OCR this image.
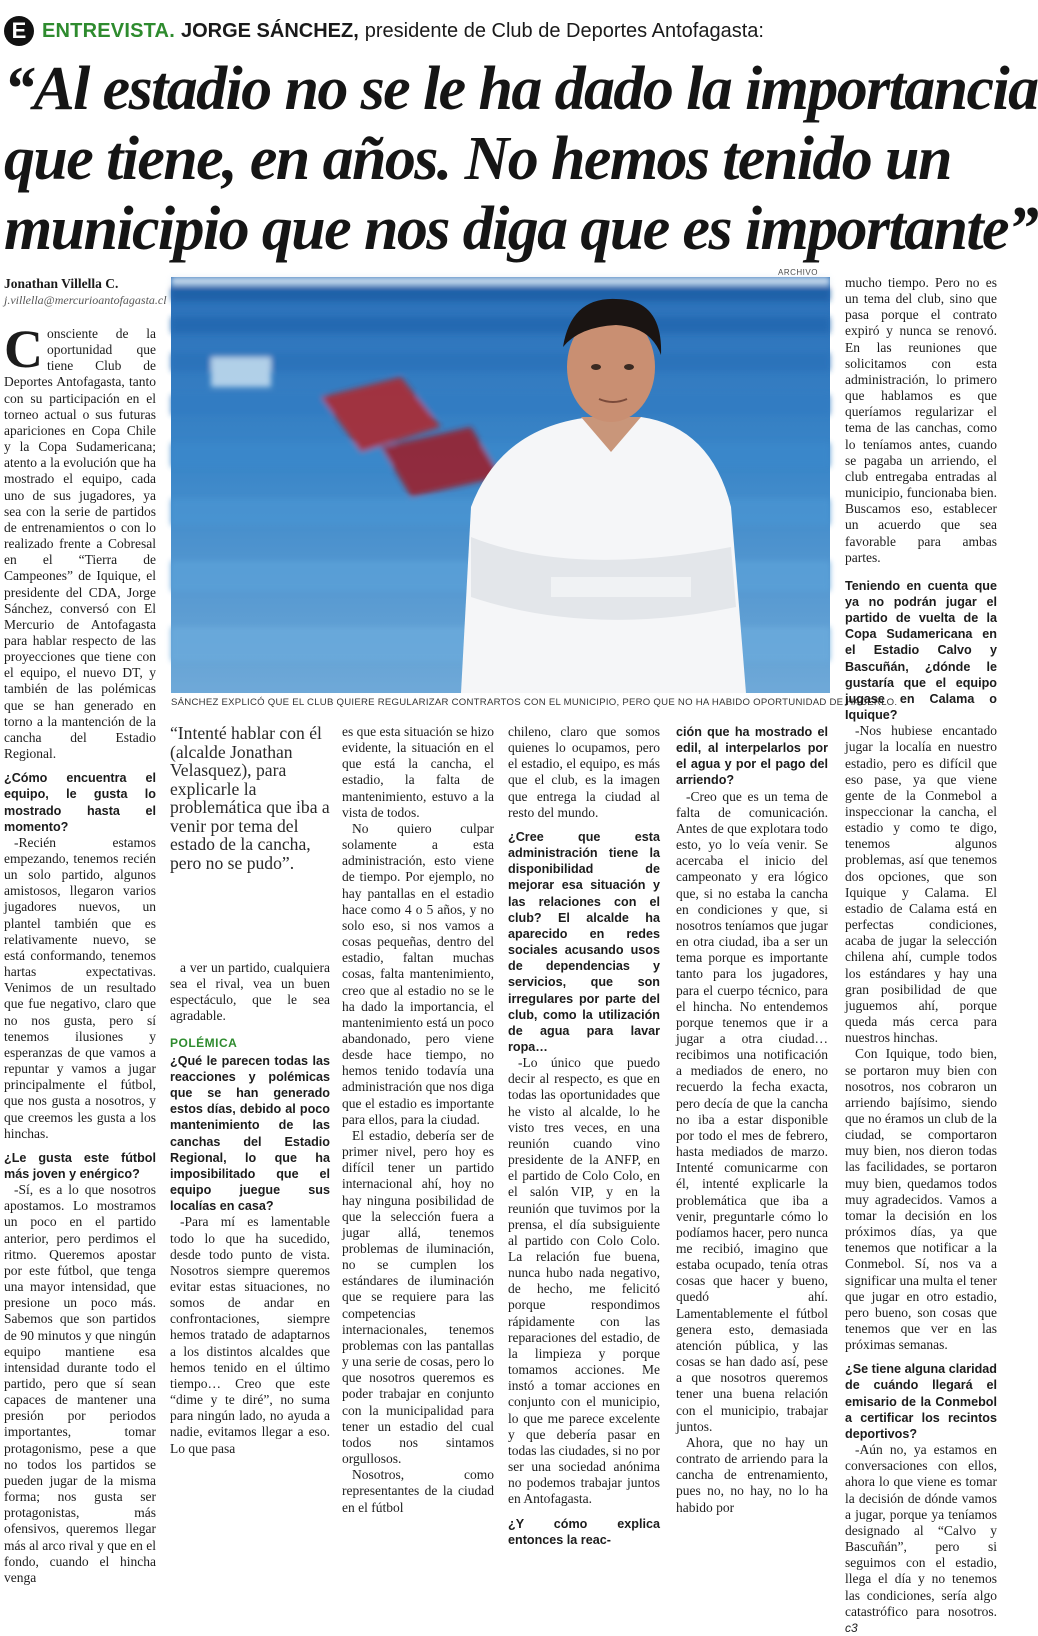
E ENTREVISTA. JORGE SÁNCHEZ, presidente de Club de Deportes Antofagasta:
“Al estadio no se le ha dado la importancia
que tiene, en años. No hemos tenido un
municipio que nos diga que es importante”
Jonathan Villella C.
j.villella@mercurioantofagasta.cl

Consciente de la oportunidad que tiene Club de Deportes Antofagasta, tanto con su participación en el torneo actual o sus futuras apariciones en Copa Chile y la Copa Sudamericana; atento a la evolución que ha mostrado el equipo, cada uno de sus jugadores, ya sea con la serie de partidos de entrenamientos o con lo realizado frente a Cobresal en el “Tierra de Campeones” de Iquique, el presidente del CDA, Jorge Sánchez, conversó con El Mercurio de Antofagasta para hablar respecto de las proyecciones que tiene con el equipo, el nuevo DT, y también de las polémicas que se han generado en torno a la mantención de la cancha del Estadio Regional.

¿Cómo encuentra el equipo, le gusta lo mostrado hasta el momento?

-Recién estamos empezando, tenemos recién un solo partido, algunos amistosos, llegaron varios jugadores nuevos, un plantel también que es relativamente nuevo, se está conformando, tenemos hartas expectativas. Venimos de un resultado que fue negativo, claro que no nos gusta, pero sí tenemos ilusiones y esperanzas de que vamos a repuntar y vamos a jugar principalmente el fútbol, que nos gusta a nosotros, y que creemos les gusta a los hinchas.

¿Le gusta este fútbol más joven y enérgico?

-Sí, es a lo que nosotros apostamos. Lo mostramos un poco en el partido anterior, pero perdimos el ritmo. Queremos apostar por este fútbol, que tenga una mayor intensidad, que presione un poco más. Sabemos que son partidos de 90 minutos y que ningún equipo mantiene esa intensidad durante todo el partido, pero que sí sean capaces de mantener una presión por periodos importantes, tomar protagonismo, pese a que no todos los partidos se pueden jugar de la misma forma; nos gusta ser protagonistas, más ofensivos, queremos llegar más al arco rival y que en el fondo, cuando el hincha venga

ARCHIVO
SÁNCHEZ EXPLICÓ QUE EL CLUB QUIERE REGULARIZAR CONTRARTOS CON EL MUNICIPIO, PERO QUE NO HA HABIDO OPORTUNIDAD DE HACERLO.
“Intenté hablar con él (alcalde Jonathan Velasquez), para explicarle la problemática que iba a venir por tema del estado de la cancha, pero no se pudo”.

a ver un partido, cualquiera sea el rival, vea un buen espectáculo, que le sea agradable.

POLÉMICA

¿Qué le parecen todas las reacciones y polémicas que se han generado estos días, debido al poco mantenimiento de las canchas del Estadio Regional, lo que ha imposibilitado que el equipo juegue sus localías en casa?

-Para mí es lamentable todo lo que ha sucedido, desde todo punto de vista. Nosotros siempre queremos evitar estas situaciones, no somos de andar en confrontaciones, siempre hemos tratado de adaptarnos a los distintos alcaldes que hemos tenido en el último tiempo… Creo que este “dime y te diré”, no suma para ningún lado, no ayuda a nadie, evitamos llegar a eso. Lo que pasa

es que esta situación se hizo evidente, la situación en el que está la cancha, el estadio, la falta de mantenimiento, estuvo a la vista de todos.

No quiero culpar solamente a esta administración, esto viene de tiempo. Por ejemplo, no hay pantallas en el estadio hace como 4 o 5 años, y no solo eso, si nos vamos a cosas pequeñas, dentro del estadio, faltan muchas cosas, falta mantenimiento, creo que al estadio no se le ha dado la importancia, el mantenimiento está un poco abandonado, pero viene desde hace tiempo, no hemos tenido todavía una administración que nos diga que el estadio es importante para ellos, para la ciudad.

El estadio, debería ser de primer nivel, pero hoy es difícil tener un partido internacional ahí, hoy no hay ninguna posibilidad de que la selección fuera a jugar allá, tenemos problemas de iluminación, no se cumplen los estándares de iluminación que se requiere para las competencias internacionales, tenemos problemas con las pantallas y una serie de cosas, pero lo que nosotros queremos es poder trabajar en conjunto con la municipalidad para tener un estadio del cual todos nos sintamos orgullosos.

Nosotros, como representantes de la ciudad en el fútbol

chileno, claro que somos quienes lo ocupamos, pero el estadio, el equipo, es más que el club, es la imagen que entrega la ciudad al resto del mundo.

¿Cree que esta administración tiene la disponibilidad de mejorar esa situación y las relaciones con el club? El alcalde ha aparecido en redes sociales acusando usos de dependencias y servicios, que son irregulares por parte del club, como la utilización de agua para lavar ropa…

-Lo único que puedo decir al respecto, es que en todas las oportunidades que he visto al alcalde, lo he visto tres veces, en una reunión cuando vino presidente de la ANFP, en el partido de Colo Colo, en el salón VIP, y en la reunión que tuvimos por la prensa, el día subsiguiente al partido con Colo Colo. La relación fue buena, nunca hubo nada negativo, de hecho, me felicitó porque respondimos rápidamente con las reparaciones del estadio, de la limpieza y porque tomamos acciones. Me instó a tomar acciones en conjunto con el municipio, lo que me parece excelente y que debería pasar en todas las ciudades, si no por ser una sociedad anónima no podemos trabajar juntos en Antofagasta.

¿Y cómo explica entonces la reac-

ción que ha mostrado el edil, al interpelarlos por el agua y por el pago del arriendo?

-Creo que es un tema de falta de comunicación. Antes de que explotara todo esto, yo lo veía venir. Se acercaba el inicio del campeonato y era lógico que, si no estaba la cancha en condiciones y que, si nosotros teníamos que jugar en otra ciudad, iba a ser un tema porque es importante tanto para los jugadores, para el cuerpo técnico, para el hincha. No entendemos porque tenemos que ir a jugar a otra ciudad… recibimos una notificación a mediados de enero, no recuerdo la fecha exacta, pero decía de que la cancha no iba a estar disponible por todo el mes de febrero, hasta mediados de marzo. Intenté comunicarme con él, intenté explicarle la problemática que iba a venir, preguntarle cómo lo podíamos hacer, pero nunca me recibió, imagino que estaba ocupado, tenía otras cosas que hacer y bueno, quedó ahí. Lamentablemente el fútbol genera esto, demasiada atención pública, y las cosas se han dado así, pese a que nosotros queremos tener una buena relación con el municipio, trabajar juntos.

Ahora, que no hay un contrato de arriendo para la cancha de entrenamiento, pues no, no hay, no lo ha habido por

mucho tiempo. Pero no es un tema del club, sino que pasa porque el contrato expiró y nunca se renovó. En las reuniones que solicitamos con esta administración, lo primero que hablamos es que queríamos regularizar el tema de las canchas, como lo teníamos antes, cuando se pagaba un arriendo, el club entregaba entradas al municipio, funcionaba bien. Buscamos eso, establecer un acuerdo que sea favorable para ambas partes.

Teniendo en cuenta que ya no podrán jugar el partido de vuelta de la Copa Sudamericana en el Estadio Calvo y Bascuñán, ¿dónde le gustaría que el equipo jugase en Calama o Iquique?

-Nos hubiese encantado jugar la localía en nuestro estadio, pero es difícil que eso pase, ya que viene gente de la Conmebol a inspeccionar la cancha, el estadio y como te digo, tenemos algunos problemas, así que tenemos dos opciones, que son Iquique y Calama. El estadio de Calama está en perfectas condiciones, acaba de jugar la selección chilena ahí, cumple todos los estándares y hay una gran posibilidad de que juguemos ahí, porque queda más cerca para nuestros hinchas.

Con Iquique, todo bien, se portaron muy bien con nosotros, nos cobraron un arriendo bajísimo, siendo que no éramos un club de la ciudad, se comportaron muy bien, nos dieron todas las facilidades, se portaron muy bien, quedamos todos muy agradecidos. Vamos a tomar la decisión en los próximos días, ya que tenemos que notificar a la Conmebol. Sí, nos va a significar una multa el tener que jugar en otro estadio, pero bueno, son cosas que tenemos que ver en las próximas semanas.

¿Se tiene alguna claridad de cuándo llegará el emisario de la Conmebol a certificar los recintos deportivos?

-Aún no, ya estamos en conversaciones con ellos, ahora lo que viene es tomar la decisión de dónde vamos a jugar, porque ya teníamos designado al “Calvo y Bascuñán”, pero si seguimos con el estadio, llega el día y no tenemos las condiciones, sería algo catastrófico para nosotros. c3
